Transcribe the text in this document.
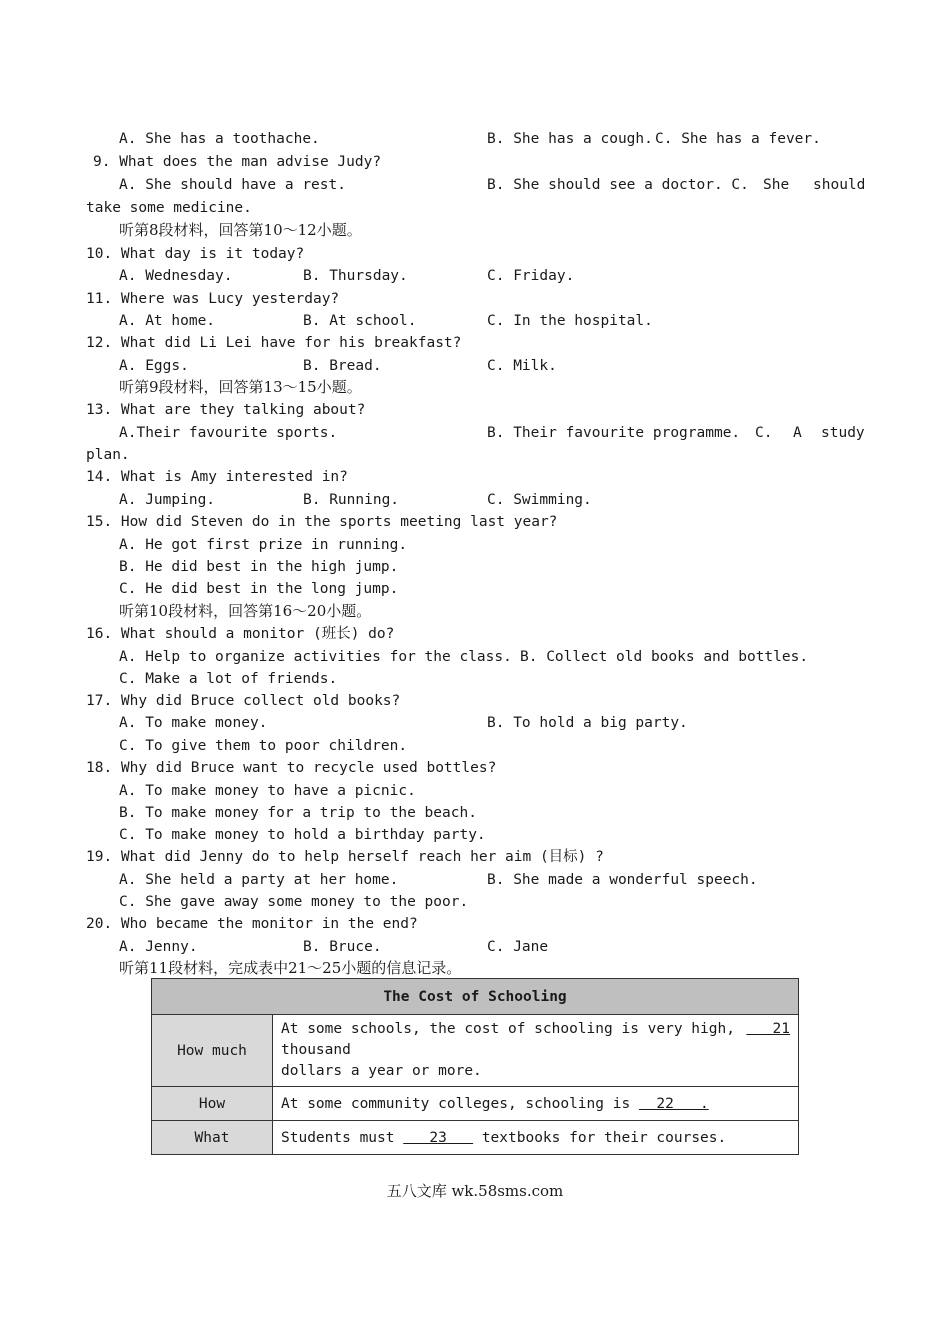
A. She has a toothache.	B. She has a cough. C. She has a fever.
9. What does the man advise Judy?
A. She should have a rest.	B. She should see a doctor. C. She should
take some medicine.
听第8段材料，回答第10～12小题。
10. What day is it today?
A. Wednesday.	B. Thursday.	C. Friday.
11. Where was Lucy yesterday?
A. At home.	B. At school.	C. In the hospital.
12. What did Li Lei have for his breakfast?
A. Eggs.	B. Bread.	C. Milk.
听第9段材料，回答第13～15小题。
13. What are they talking about?
A.Their favourite sports.	B. Their favourite programme. C. A study
plan.
14. What is Amy interested in?
A. Jumping.	B. Running.	C. Swimming.
15. How did Steven do in the sports meeting last year?
A. He got first prize in running.
B. He did best in the high jump.
C. He did best in the long jump.
听第10段材料，回答第16～20小题。
16. What should a monitor (班长) do?
A. Help to organize activities for the class. B. Collect old books and bottles.
C. Make a lot of friends.
17. Why did Bruce collect old books?
A. To make money.	B. To hold a big party.
C. To give them to poor children.
18. Why did Bruce want to recycle used bottles?
A. To make money to have a picnic.
B. To make money for a trip to the beach.
C. To make money to hold a birthday party.
19. What did Jenny do to help herself reach her aim (目标) ?
A. She held a party at her home.	B. She made a wonderful speech.
C. She gave away some money to the poor.
20. Who became the monitor in the end?
A. Jenny.	B. Bruce.	C. Jane
听第11段材料，完成表中21～25小题的信息记录。
The Cost of Schooling	
How much	At some schools, the cost of schooling is very high, 21
thousand
dollars a year or more.

How	At some community colleges, schooling is   22   .
What	Students must    23    textbooks for their courses.
五八文库 wk.58sms.com
